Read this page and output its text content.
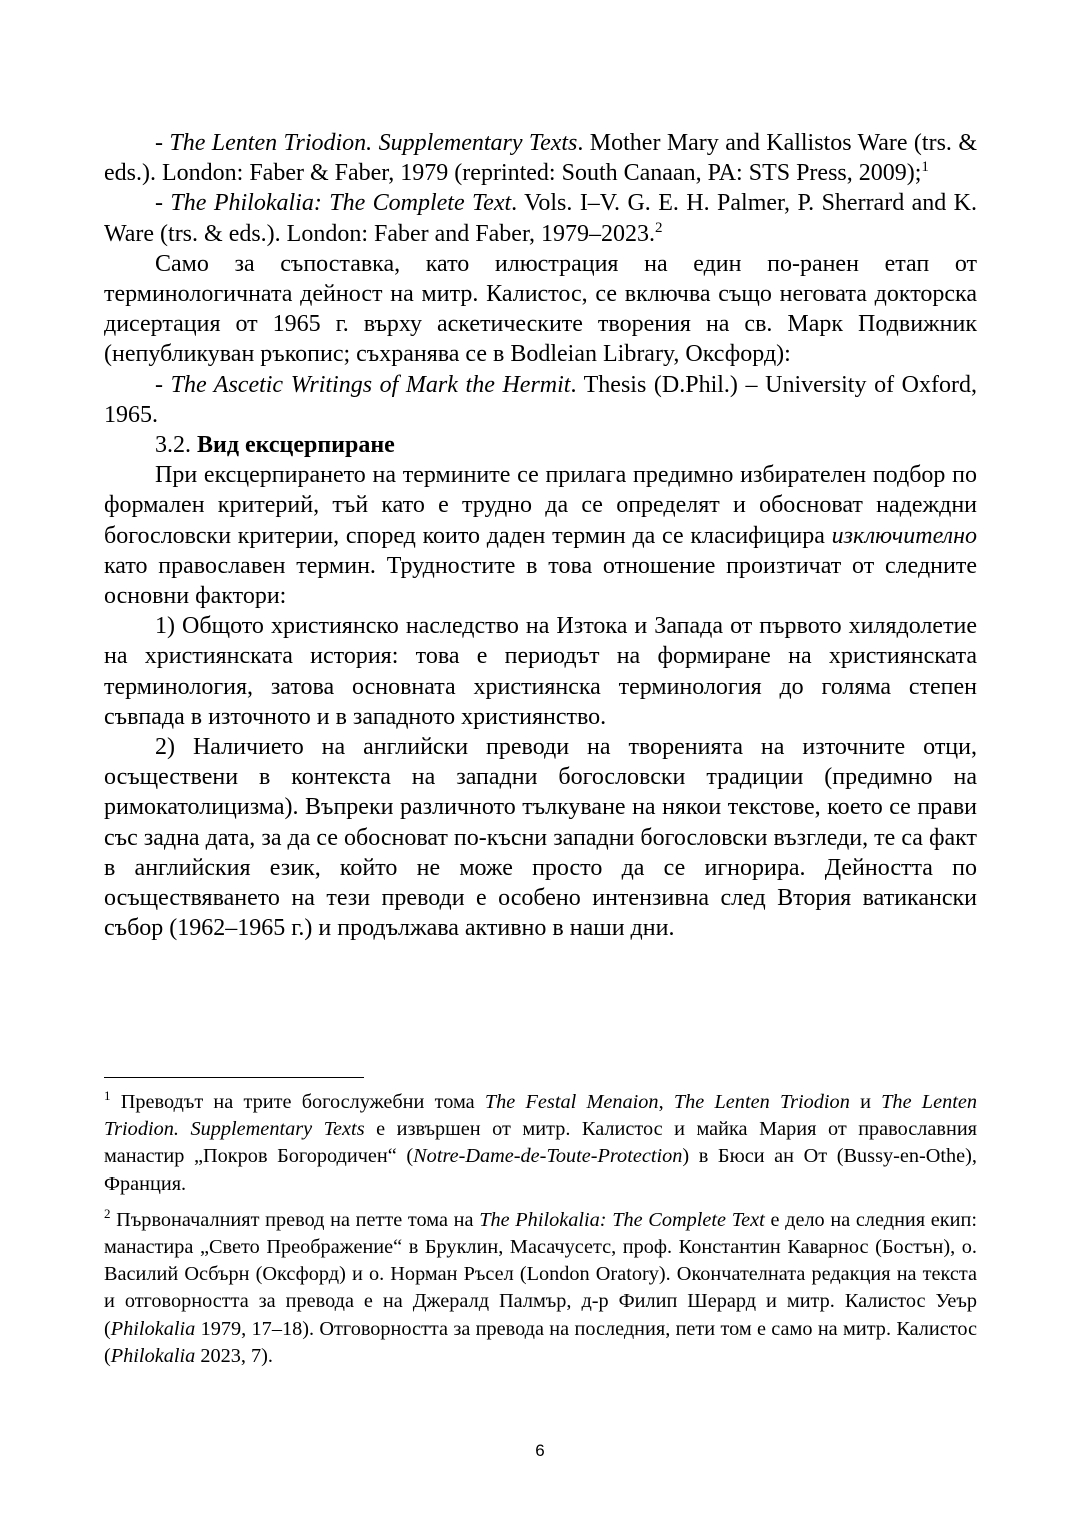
- The Lenten Triodion. Supplementary Texts. Mother Mary and Kallistos Ware (trs. & eds.). London: Faber & Faber, 1979 (reprinted: South Canaan, PA: STS Press, 2009);$^1$

- The Philokalia: The Complete Text. Vols. I–V. G. E. H. Palmer, P. Sherrard and K. Ware (trs. & eds.). London: Faber and Faber, 1979–2023.$^2$

Само за съпоставка, като илюстрация на един по-ранен етап от терминологичната дейност на митр. Калистос, се включва също неговата докторска дисертация от 1965 г. върху аскетическите творения на св. Марк Подвижник (непубликуван ръкопис; съхранява се в Bodleian Library, Оксфорд):

- The Ascetic Writings of Mark the Hermit. Thesis (D.Phil.) – University of Oxford, 1965.

3.2. Вид ексцерпиране

При ексцерпирането на термините се прилага предимно избирателен подбор по формален критерий, тъй като е трудно да се определят и обосноват надеждни богословски критерии, според които даден термин да се класифицира изключително като православен термин. Трудностите в това отношение произтичат от следните основни фактори:

1) Общото християнско наследство на Изтока и Запада от първото хилядолетие на християнската история: това е периодът на формиране на християнската терминология, затова основната християнска терминология до голяма степен съвпада в източното и в западното християнство.

2) Наличието на английски преводи на творенията на източните отци, осъществени в контекста на западни богословски традиции (предимно на римокатолицизма). Въпреки различното тълкуване на някои текстове, което се прави със задна дата, за да се обосноват по-късни западни богословски възгледи, те са факт в английския език, който не може просто да се игнорира. Дейността по осъществяването на тези преводи е особено интензивна след Втория ватикански събор (1962–1965 г.) и продължава активно в наши дни.

$^1$ Преводът на трите богослужебни тома The Festal Menaion, The Lenten Triodion и The Lenten Triodion. Supplementary Texts е извършен от митр. Калистос и майка Мария от православния манастир „Покров Богородичен“ (Notre-Dame-de-Toute-Protection) в Бюси ан От (Bussy-en-Othe), Франция.

$^2$ Първоначалният превод на петте тома на The Philokalia: The Complete Text е дело на следния екип: манастира „Свето Преображение“ в Бруклин, Масачусетс, проф. Константин Каварнос (Бостън), о. Василий Осбърн (Оксфорд) и о. Норман Ръсел (London Oratory). Окончателната редакция на текста и отговорността за превода е на Джералд Палмър, д-р Филип Шерард и митр. Калистос Уеър (Philokalia 1979, 17–18). Отговорността за превода на последния, пети том е само на митр. Калистос (Philokalia 2023, 7).

6
